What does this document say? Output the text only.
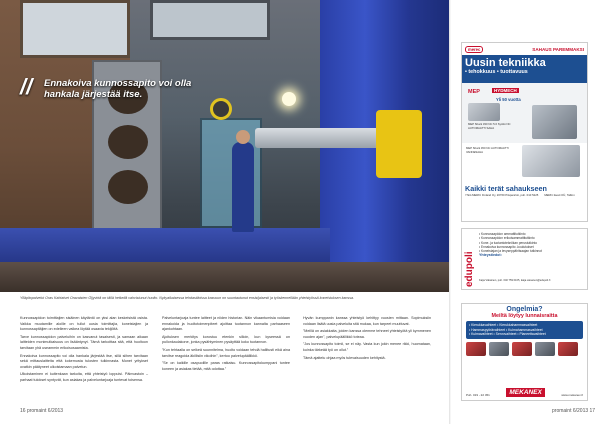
// Ennakoiva kunnossapito voi olla hankala järjestää itse.
Ylläpitopalvelut Oras Kahtaiset Oravaisten Öljyvirtä on tällä hetkellä vahvistunut huolto. Nykyaikaisessa tehdastiloissa kasvuun on suuntautunut ensisijaisesti ja työskennellään yhteistyössä koneistuksen kanssa.

Kunnossapidon toimittajien sisäinen käytäntö on yksi alan keskeisistä osista. Vaikka muutamille aloille on tullut uusia toimittajia, koneistajien ja kunnossapitäjien on edelleen vaikea löytää osaavia tekijöitä.

Tarve kunnossapidon palveluihin on kasvanut tasaisesti, ja samaan aikaan laitteiden monimutkaisuus on lisääntynyt. Tämä tarkoittaa sitä, että huoltoon tarvitaan yhä useammin erikoisosaamista.

Ennakoiva kunnossapito voi olla hankala järjestää itse, sillä siihen tarvitaan sekä mittauslaitteita että kokemusta tulosten tulkinnasta. Monet yritykset ovatkin päätyneet ulkoistamaan palvelun.

Ulkoistaminen ei kuitenkaan tarkoita, että yhteistyö loppuisi. Päinvastoin – parhaat tulokset syntyvät, kun asiakas ja palveluntarjoaja tuntevat toisensa.

Palveluntarjoaja tuntee laitteet ja niiden historian. Näin vikaantumisia voidaan ennakoida ja huoltotoimenpiteet ajoittaa tuotannon kannalta parhaaseen ajankohtaan.

Ajoituksen merkitys korostuu etenkin silloin, kun kyseessä on pullonkaulakone, jonka pysähtyminen pysäyttää koko tuotannon.

"Kun tehtaalla on selkeä suunnitelma, huolto voidaan tehdä hallitusti eikä aina tarvitse reagoida äkillisiin vikoihin", kertoo palvelupäällikkö.

"Se on kaikille osapuolille paras ratkaisu. Kunnossapitokumppani tuntee koneen ja asiakas tietää, mitä odottaa."

Hyvän kumppanin kanssa yhteistyö kehittyy vuosien mittaan. Sopimuksiin voidaan lisätä uusia palveluita sitä mukaa, kun tarpeet muuttuvat.

"Meillä on asiakkaita, joiden kanssa olemme tehneet yhteistyötä yli kymmenen vuoden ajan", palvelupäällikkö toteaa.

"Jos kunnossapito toimii, se ei näy. Vasta kun jokin menee rikki, huomataan, kuinka tärkeää työ on ollut."

Tämä ajattelu ohjaa myös tulevaisuuden kehitystä.

16 promaint 6/2013	promaint 6/2013 17
merec	SAHAUS PAREMMAKSI
Uusin tekniikka
• tehokkuus • tuottavuus
MEP	HYDMECH
Yli 50 vuotta
MEP Shark 330 NC 5.0 Syöttö NC AUTOMAATTI SAHA
MEP Shark 450 NC AUTOMAATTI VANNESAHA
Kaikki terät sahaukseen
Yhtiö MERIC Finland Oy, 20760 Piispanristi, puh. 010 5225 MERIC Eesti OÜ, Tallinn
edupoli
• Kunnossapidon ammattitutkinto
• Kunnossapidon erikoisammattitutkinto
• Kone- ja tuotantotekniikan perustutkinto
• Ennakoiva kunnossapito -koulutukset
• Koneistajan ja levyseppähitsaajan tutkinnot
Yhteystiedot:
Kaija Väisänen, puh. 040 759 0165, kaija.vaisanen@edupoli.fi
Ongelmia?
Meiltä löytyy lunnaisraitta
• Kierukkavaihteet • Kierukkahammasvaihteet
• Hammaspyörävaihteet • Kulmahammasvaihteet
• Kulmavaihteet • Servovaihteet • Planeettavaihteet
Puh. 019 - 22 451	MEKANEX	www.mekanex.fi
